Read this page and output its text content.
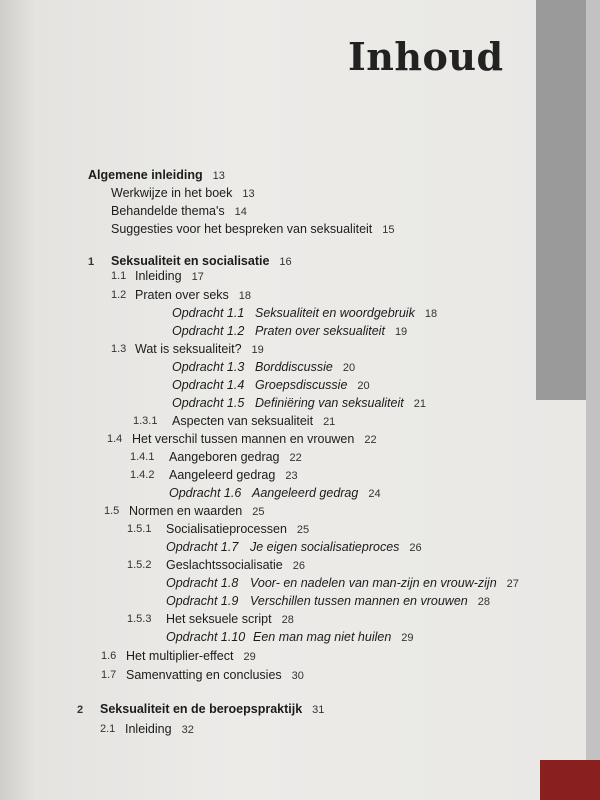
Inhoud
Algemene inleiding 13
Werkwijze in het boek 13
Behandelde thema's 14
Suggesties voor het bespreken van seksualiteit 15
1 Seksualiteit en socialisatie 16
1.1 Inleiding 17
1.2 Praten over seks 18
Opdracht 1.1 Seksualiteit en woordgebruik 18
Opdracht 1.2 Praten over seksualiteit 19
1.3 Wat is seksualiteit? 19
Opdracht 1.3 Borddiscussie 20
Opdracht 1.4 Groepsdiscussie 20
Opdracht 1.5 Definiëring van seksualiteit 21
1.3.1 Aspecten van seksualiteit 21
1.4 Het verschil tussen mannen en vrouwen 22
1.4.1 Aangeboren gedrag 22
1.4.2 Aangeleerd gedrag 23
Opdracht 1.6 Aangeleerd gedrag 24
1.5 Normen en waarden 25
1.5.1 Socialisatieprocessen 25
Opdracht 1.7 Je eigen socialisatieproces 26
1.5.2 Geslachtssocialisatie 26
Opdracht 1.8 Voor- en nadelen van man-zijn en vrouw-zijn 27
Opdracht 1.9 Verschillen tussen mannen en vrouwen 28
1.5.3 Het seksuele script 28
Opdracht 1.10 Een man mag niet huilen 29
1.6 Het multiplier-effect 29
1.7 Samenvatting en conclusies 30
2 Seksualiteit en de beroepspraktijk 31
2.1 Inleiding 32
